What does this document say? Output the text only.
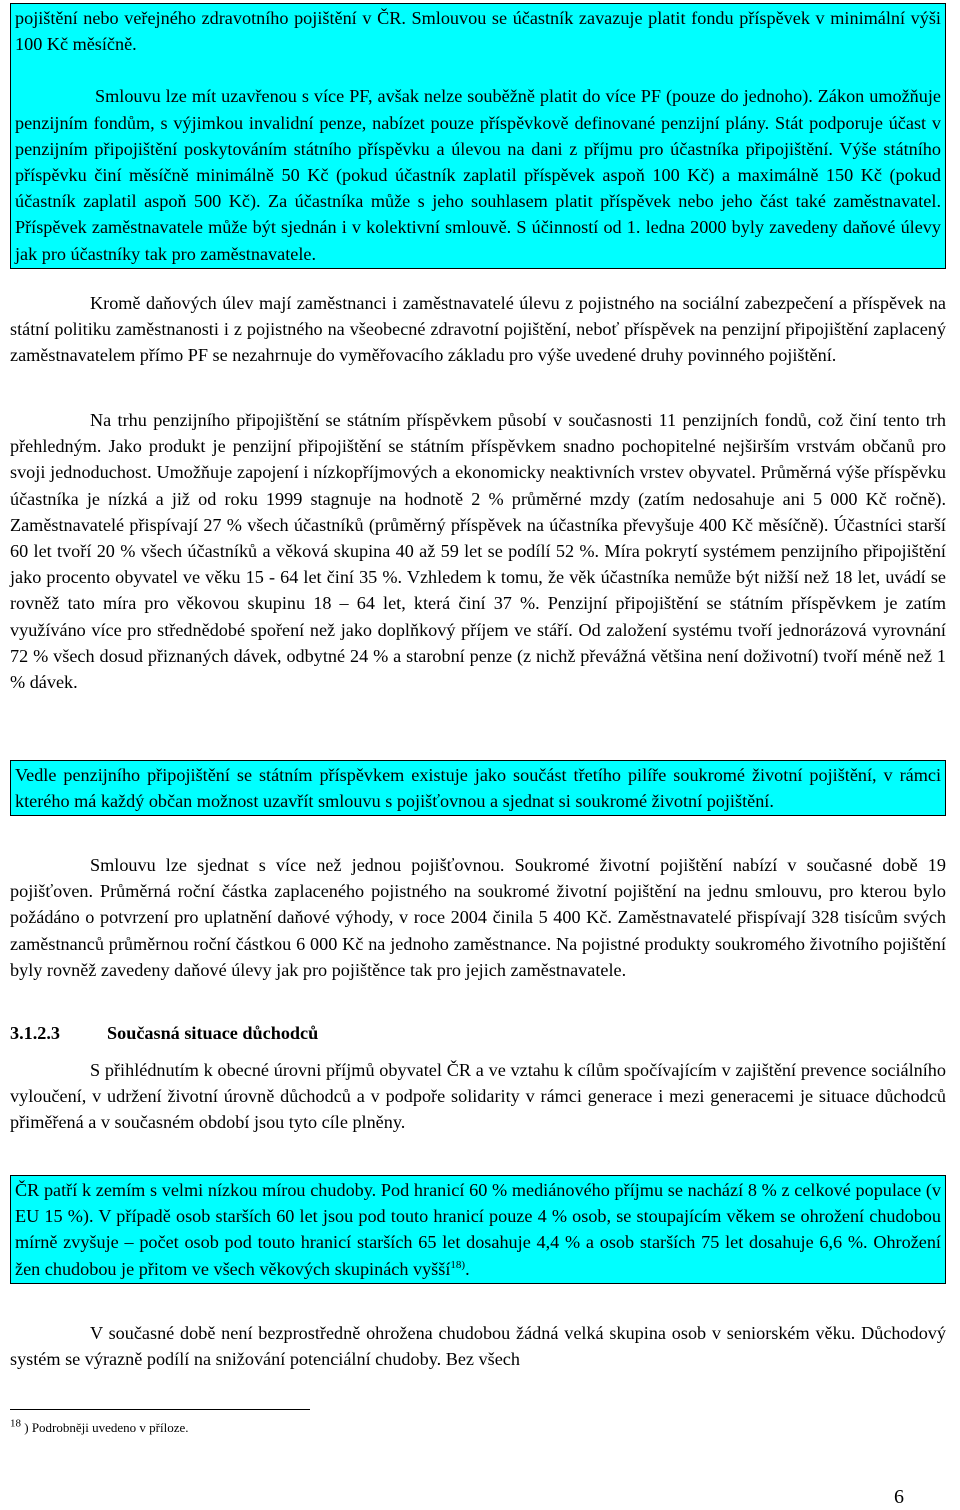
pojištění nebo veřejného zdravotního pojištění v ČR. Smlouvou se účastník zavazuje platit fondu příspěvek v minimální výši 100 Kč měsíčně.

Smlouvu lze mít uzavřenou s více PF, avšak nelze souběžně platit do více PF (pouze do jednoho). Zákon umožňuje penzijním fondům, s výjimkou invalidní penze, nabízet pouze příspěvkově definované penzijní plány. Stát podporuje účast v penzijním připojištění poskytováním státního příspěvku a úlevou na dani z příjmu pro účastníka připojištění. Výše státního příspěvku činí měsíčně minimálně 50 Kč (pokud účastník zaplatil příspěvek aspoň 100 Kč) a maximálně 150 Kč (pokud účastník zaplatil aspoň 500 Kč). Za účastníka může s jeho souhlasem platit příspěvek nebo jeho část také zaměstnavatel. Příspěvek zaměstnavatele může být sjednán i v kolektivní smlouvě. S účinností od 1. ledna 2000 byly zavedeny daňové úlevy jak pro účastníky tak pro zaměstnavatele.

Kromě daňových úlev mají zaměstnanci i zaměstnavatelé úlevu z pojistného na sociální zabezpečení a příspěvek na státní politiku zaměstnanosti i z pojistného na všeobecné zdravotní pojištění, neboť příspěvek na penzijní připojištění zaplacený zaměstnavatelem přímo PF se nezahrnuje do vyměřovacího základu pro výše uvedené druhy povinného pojištění.

Na trhu penzijního připojištění se státním příspěvkem působí v současnosti 11 penzijních fondů, což činí tento trh přehledným. Jako produkt je penzijní připojištění se státním příspěvkem snadno pochopitelné nejširším vrstvám občanů pro svoji jednoduchost. Umožňuje zapojení i nízkopříjmových a ekonomicky neaktivních vrstev obyvatel. Průměrná výše příspěvku účastníka je nízká a již od roku 1999 stagnuje na hodnotě 2 % průměrné mzdy (zatím nedosahuje ani 5 000 Kč ročně). Zaměstnavatelé přispívají 27 % všech účastníků (průměrný příspěvek na účastníka převyšuje 400 Kč měsíčně). Účastníci starší 60 let tvoří 20 % všech účastníků a věková skupina 40 až 59 let se podílí 52 %. Míra pokrytí systémem penzijního připojištění jako procento obyvatel ve věku 15 - 64 let činí 35 %. Vzhledem k tomu, že věk účastníka nemůže být nižší než 18 let, uvádí se rovněž tato míra pro věkovou skupinu 18 – 64 let, která činí 37 %. Penzijní připojištění se státním příspěvkem je zatím využíváno více pro střednědobé spoření než jako doplňkový příjem ve stáří. Od založení systému tvoří jednorázová vyrovnání 72 % všech dosud přiznaných dávek, odbytné 24 % a starobní penze (z nichž převážná většina není doživotní) tvoří méně než 1 % dávek.

Vedle penzijního připojištění se státním příspěvkem existuje jako součást třetího pilíře soukromé životní pojištění, v rámci kterého má každý občan možnost uzavřít smlouvu s pojišťovnou a sjednat si soukromé životní pojištění.

Smlouvu lze sjednat s více než jednou pojišťovnou. Soukromé životní pojištění nabízí v současné době 19 pojišťoven. Průměrná roční částka zaplaceného pojistného na soukromé životní pojištění na jednu smlouvu, pro kterou bylo požádáno o potvrzení pro uplatnění daňové výhody, v roce 2004 činila 5 400 Kč. Zaměstnavatelé přispívají 328 tisícům svých zaměstnanců průměrnou roční částkou 6 000 Kč na jednoho zaměstnance. Na pojistné produkty soukromého životního pojištění byly rovněž zavedeny daňové úlevy jak pro pojištěnce tak pro jejich zaměstnavatele.

3.1.2.3	Současná situace důchodců

S přihlédnutím k obecné úrovni příjmů obyvatel ČR a ve vztahu k cílům spočívajícím v zajištění prevence sociálního vyloučení, v udržení životní úrovně důchodců a v podpoře solidarity v rámci generace i mezi generacemi je situace důchodců přiměřená a v současném období jsou tyto cíle plněny.

ČR patří k zemím s velmi nízkou mírou chudoby. Pod hranicí 60 % mediánového příjmu se nachází 8 % z celkové populace (v EU 15 %). V případě osob starších 60 let jsou pod touto hranicí pouze 4 % osob, se stoupajícím věkem se ohrožení chudobou mírně zvyšuje – počet osob pod touto hranicí starších 65 let dosahuje 4,4 % a osob starších 75 let dosahuje 6,6 %. Ohrožení žen chudobou je přitom ve všech věkových skupinách vyšší$^{18)}$.

V současné době není bezprostředně ohrožena chudobou žádná velká skupina osob v seniorském věku. Důchodový systém se výrazně podílí na snižování potenciální chudoby. Bez všech

$^{18}$ ) Podrobněji uvedeno v příloze.
6
